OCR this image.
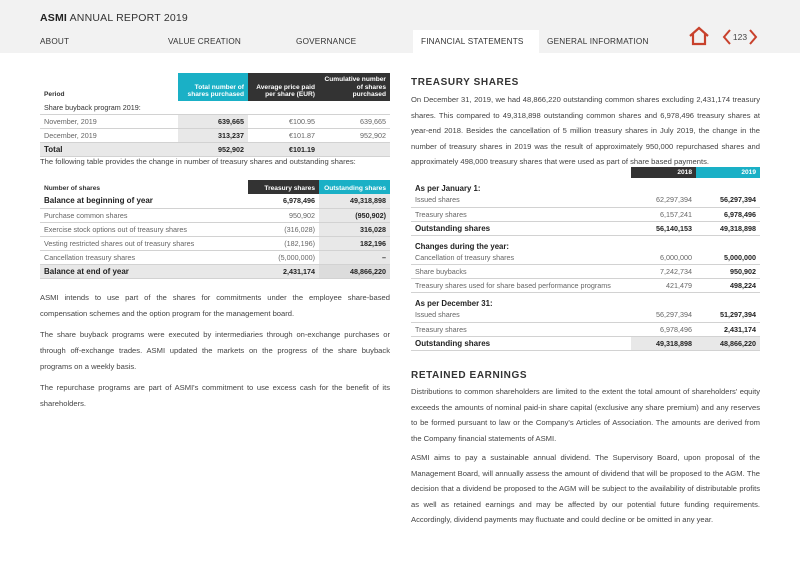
ASMI ANNUAL REPORT 2019
ABOUT	VALUE CREATION	GOVERNANCE	FINANCIAL STATEMENTS	GENERAL INFORMATION	123
Period	Total number of shares purchased	Average price paid per share (EUR)	Cumulative number of shares purchased
Share buyback program 2019:			
November, 2019	639,665	€100.95	639,665
December, 2019	313,237	€101.87	952,902
Total	952,902	€101.19	
The following table provides the change in number of treasury shares and outstanding shares:
Number of shares	Treasury shares	Outstanding shares
Balance at beginning of year	6,978,496	49,318,898
Purchase common shares	950,902	(950,902)
Exercise stock options out of treasury shares	(316,028)	316,028
Vesting restricted shares out of treasury shares	(182,196)	182,196
Cancellation treasury shares	(5,000,000)	–
Balance at end of year	2,431,174	48,866,220
ASMI intends to use part of the shares for commitments under the employee share-based compensation schemes and the option program for the management board.
The share buyback programs were executed by intermediaries through on-exchange purchases or through off-exchange trades. ASMI updated the markets on the progress of the share buyback programs on a weekly basis.
The repurchase programs are part of ASMI's commitment to use excess cash for the benefit of its shareholders.
TREASURY SHARES
On December 31, 2019, we had 48,866,220 outstanding common shares excluding 2,431,174 treasury shares. This compared to 49,318,898 outstanding common shares and 6,978,496 treasury shares at year-end 2018. Besides the cancellation of 5 million treasury shares in July 2019, the change in the number of treasury shares in 2019 was the result of approximately 950,000 repurchased shares and approximately 498,000 treasury shares that were used as part of share based payments.
	2018	2019
As per January 1:		
Issued shares	62,297,394	56,297,394
Treasury shares	6,157,241	6,978,496
Outstanding shares	56,140,153	49,318,898
Changes during the year:		
Cancellation of treasury shares	6,000,000	5,000,000
Share buybacks	7,242,734	950,902
Treasury shares used for share based performance programs	421,479	498,224
As per December 31:		
Issued shares	56,297,394	51,297,394
Treasury shares	6,978,496	2,431,174
Outstanding shares	49,318,898	48,866,220
RETAINED EARNINGS
Distributions to common shareholders are limited to the extent the total amount of shareholders' equity exceeds the amounts of nominal paid-in share capital (exclusive any share premium) and any reserves to be formed pursuant to law or the Company's Articles of Association. The amounts are derived from the Company financial statements of ASMI.
ASMI aims to pay a sustainable annual dividend. The Supervisory Board, upon proposal of the Management Board, will annually assess the amount of dividend that will be proposed to the AGM. The decision that a dividend be proposed to the AGM will be subject to the availability of distributable profits as well as retained earnings and may be affected by our potential future funding requirements. Accordingly, dividend payments may fluctuate and could decline or be omitted in any year.
